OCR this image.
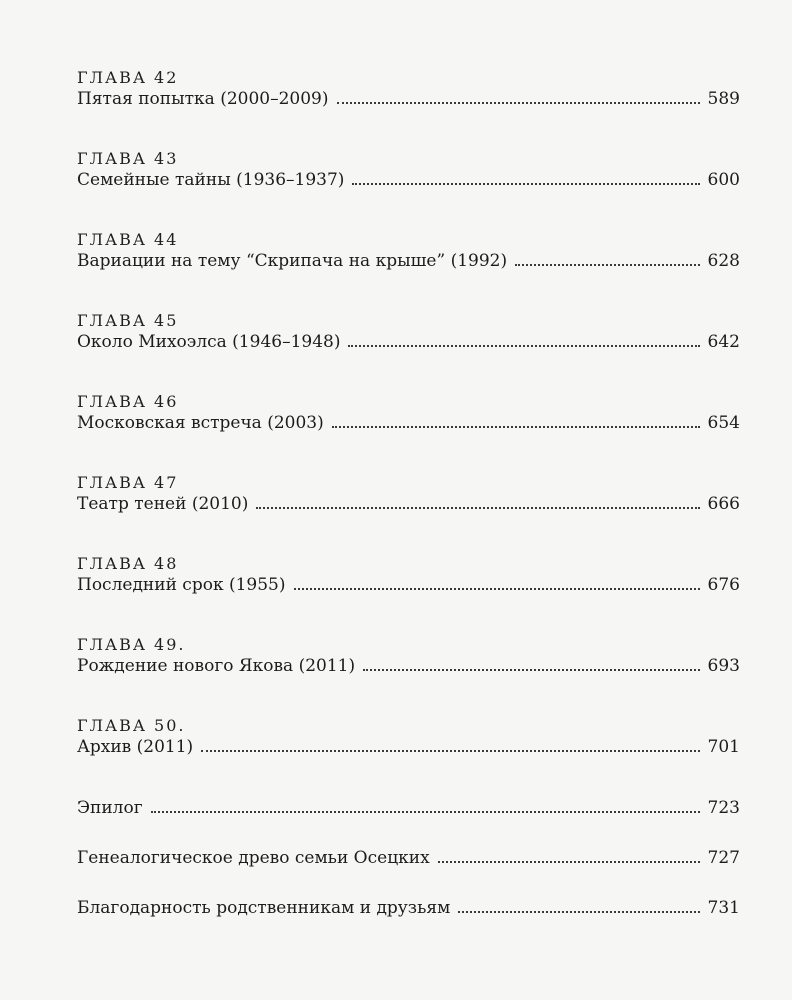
ГЛАВА 42
Пятая попытка (2000–2009)	589
ГЛАВА 43
Семейные тайны (1936–1937)	600
ГЛАВА 44
Вариации на тему “Скрипача на крыше” (1992)	628
ГЛАВА 45
Около Михоэлса (1946–1948)	642
ГЛАВА 46
Московская встреча (2003)	654
ГЛАВА 47
Театр теней (2010)	666
ГЛАВА 48
Последний срок (1955)	676
ГЛАВА 49.
Рождение нового Якова (2011)	693
ГЛАВА 50.
Архив (2011)	701
Эпилог	723
Генеалогическое древо семьи Осецких	727
Благодарность родственникам и друзьям	731
